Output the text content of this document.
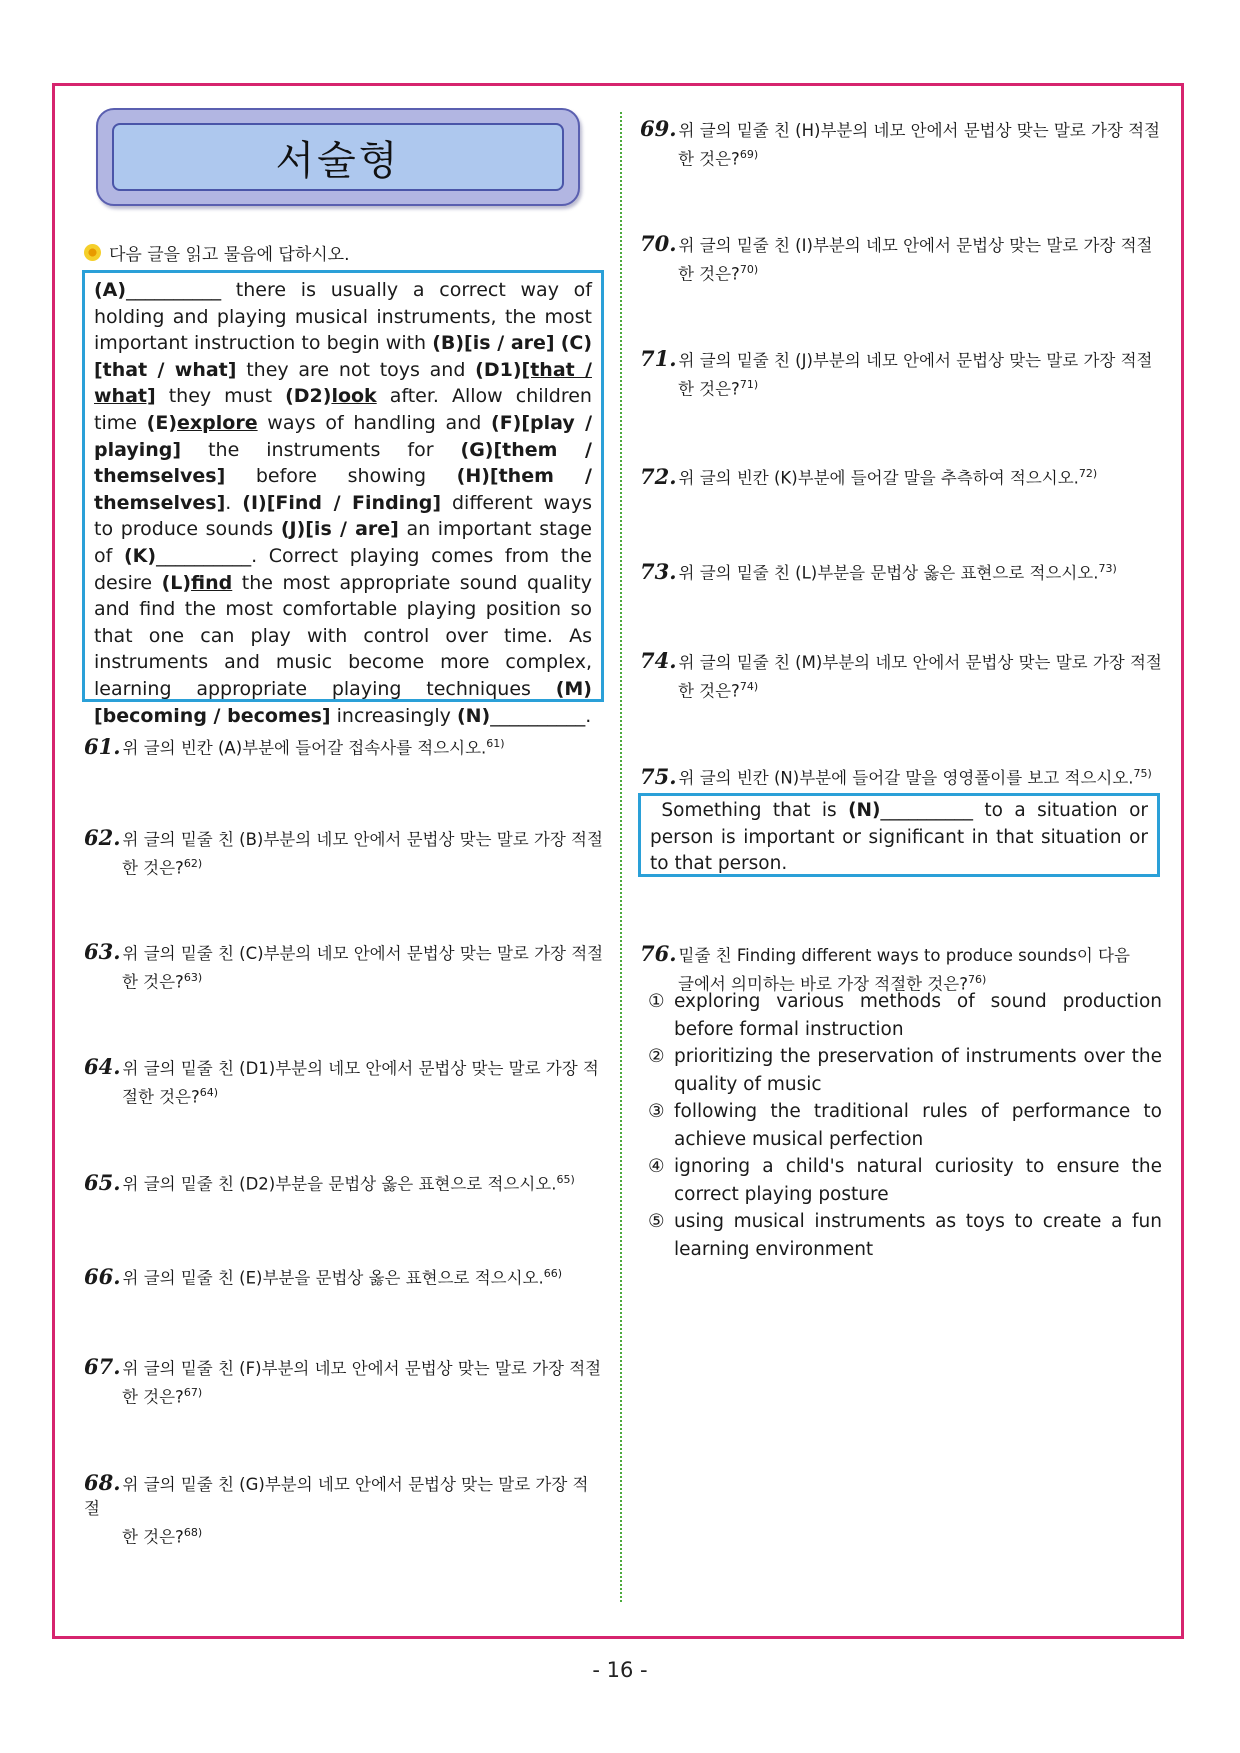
서술형
다음 글을 읽고 물음에 답하시오.
(A)__________ there is usually a correct way of holding and playing musical instruments, the most important instruction to begin with (B)[is / are] (C)[that / what] they are not toys and (D1)[that / what] they must (D2)look after. Allow children time (E)explore ways of handling and (F)[play / playing] the instruments for (G)[them / themselves] before showing (H)[them / themselves]. (I)[Find / Finding] different ways to produce sounds (J)[is / are] an important stage of (K)__________. Correct playing comes from the desire (L)find the most appropriate sound quality and find the most comfortable playing position so that one can play with control over time. As instruments and music become more complex, learning appropriate playing techniques (M)[becoming / becomes] increasingly (N)__________.
61. 위 글의 빈칸 (A)부분에 들어갈 접속사를 적으시오.$^{61)}$
62. 위 글의 밑줄 친 (B)부분의 네모 안에서 문법상 맞는 말로 가장 적절
한 것은?$^{62)}$
63. 위 글의 밑줄 친 (C)부분의 네모 안에서 문법상 맞는 말로 가장 적절
한 것은?$^{63)}$
64. 위 글의 밑줄 친 (D1)부분의 네모 안에서 문법상 맞는 말로 가장 적
절한 것은?$^{64)}$
65. 위 글의 밑줄 친 (D2)부분을 문법상 옳은 표현으로 적으시오.$^{65)}$
66. 위 글의 밑줄 친 (E)부분을 문법상 옳은 표현으로 적으시오.$^{66)}$
67. 위 글의 밑줄 친 (F)부분의 네모 안에서 문법상 맞는 말로 가장 적절
한 것은?$^{67)}$
68. 위 글의 밑줄 친 (G)부분의 네모 안에서 문법상 맞는 말로 가장 적절
한 것은?$^{68)}$
69. 위 글의 밑줄 친 (H)부분의 네모 안에서 문법상 맞는 말로 가장 적절
한 것은?$^{69)}$
70. 위 글의 밑줄 친 (I)부분의 네모 안에서 문법상 맞는 말로 가장 적절
한 것은?$^{70)}$
71. 위 글의 밑줄 친 (J)부분의 네모 안에서 문법상 맞는 말로 가장 적절
한 것은?$^{71)}$
72. 위 글의 빈칸 (K)부분에 들어갈 말을 추측하여 적으시오.$^{72)}$
73. 위 글의 밑줄 친 (L)부분을 문법상 옳은 표현으로 적으시오.$^{73)}$
74. 위 글의 밑줄 친 (M)부분의 네모 안에서 문법상 맞는 말로 가장 적절
한 것은?$^{74)}$
75. 위 글의 빈칸 (N)부분에 들어갈 말을 영영풀이를 보고 적으시오.$^{75)}$
Something that is (N)__________ to a situation or person is important or significant in that situation or to that person.
76. 밑줄 친 Finding different ways to produce sounds이 다음
글에서 의미하는 바로 가장 적절한 것은?$^{76)}$
① exploring various methods of sound production before formal instruction
② prioritizing the preservation of instruments over the quality of music
③ following the traditional rules of performance to achieve musical perfection
④ ignoring a child's natural curiosity to ensure the correct playing posture
⑤ using musical instruments as toys to create a fun learning environment
- 16 -
